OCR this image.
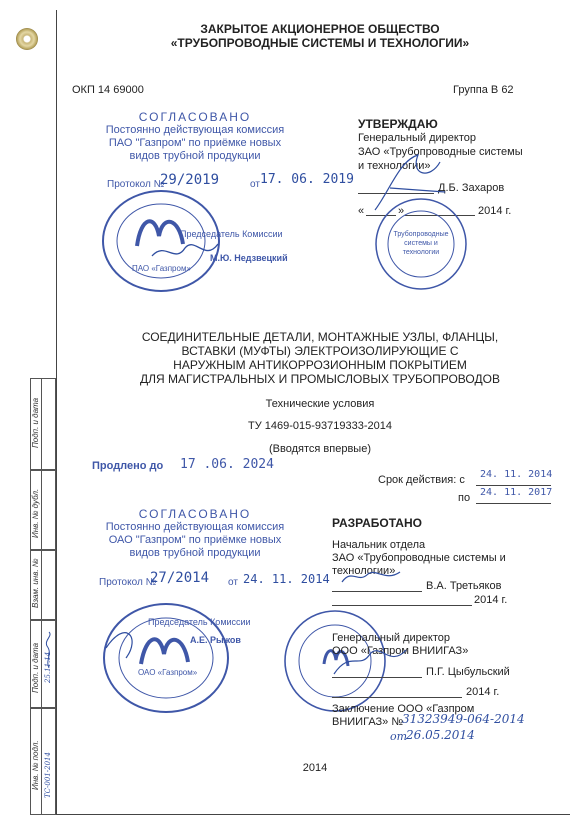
Подп. и дата
Инв. № дубл.
Взам. инв. №
Подп. и дата
Инв. № подл.
25.11.14
ТС-001-2014
ЗАКРЫТОЕ АКЦИОНЕРНОЕ ОБЩЕСТВО
«ТРУБОПРОВОДНЫЕ СИСТЕМЫ И ТЕХНОЛОГИИ»
ОКП 14 69000	Группа В 62
СОГЛАСОВАНО
Постоянно действующая комиссия
ПАО "Газпром" по приёмке новых
видов трубной продукции
Протокол №
29/2019	от 17. 06. 2019
ПАО «Газпром»
Председатель Комиссии
М.Ю. Недзвецкий
УТВЕРЖДАЮ
Генеральный директор
ЗАО «Трубопроводные системы
и технологии»
Д.Б. Захаров
«	»	2014 г.
Трубопроводные системы и технологии
СОЕДИНИТЕЛЬНЫЕ ДЕТАЛИ, МОНТАЖНЫЕ УЗЛЫ, ФЛАНЦЫ,
ВСТАВКИ (МУФТЫ) ЭЛЕКТРОИЗОЛИРУЮЩИЕ С
НАРУЖНЫМ АНТИКОРРОЗИОННЫМ ПОКРЫТИЕМ
ДЛЯ МАГИСТРАЛЬНЫХ И ПРОМЫСЛОВЫХ ТРУБОПРОВОДОВ
Технические условия
ТУ 1469-015-93719333-2014
(Вводятся впервые)
Продлено до 17 .06. 2024
Срок действия: с 24. 11. 2014
по 24. 11. 2017
СОГЛАСОВАНО
Постоянно действующая комиссия
ОАО "Газпром" по приёмке новых
видов трубной продукции
Протокол №
27/2014 от 24. 11. 2014
ОАО «Газпром»
Председатель Комиссии
А.Е. Рыжов
РАЗРАБОТАНО
Начальник отдела
ЗАО «Трубопроводные системы и
технологии»
В.А. Третьяков
2014 г.
Генеральный директор
ООО «Газпром ВНИИГАЗ»
П.Г. Цыбульский
2014 г.
Заключение ООО «Газпром
ВНИИГАЗ» №
31323949-064-2014
от
26.05.2014
2014
